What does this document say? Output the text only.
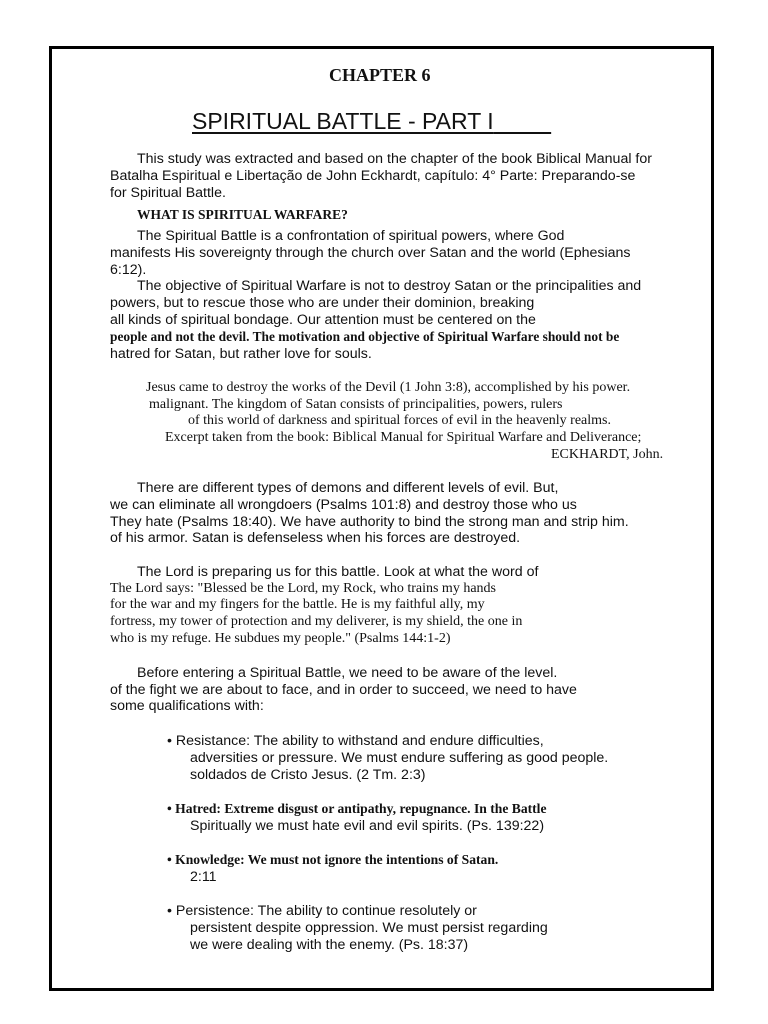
CHAPTER 6
SPIRITUAL BATTLE - PART I
This study was extracted and based on the chapter of the book Biblical Manual for
Batalha Espiritual e Libertação de John Eckhardt, capítulo: 4° Parte: Preparando-se
for Spiritual Battle.
WHAT IS SPIRITUAL WARFARE?
The Spiritual Battle is a confrontation of spiritual powers, where God
manifests His sovereignty through the church over Satan and the world (Ephesians
6:12).
The objective of Spiritual Warfare is not to destroy Satan or the principalities and
powers, but to rescue those who are under their dominion, breaking
all kinds of spiritual bondage. Our attention must be centered on the
people and not the devil. The motivation and objective of Spiritual Warfare should not be
hatred for Satan, but rather love for souls.
Jesus came to destroy the works of the Devil (1 John 3:8), accomplished by his power.
malignant. The kingdom of Satan consists of principalities, powers, rulers
of this world of darkness and spiritual forces of evil in the heavenly realms.
Excerpt taken from the book: Biblical Manual for Spiritual Warfare and Deliverance;
ECKHARDT, John.
There are different types of demons and different levels of evil. But,
we can eliminate all wrongdoers (Psalms 101:8) and destroy those who us
They hate (Psalms 18:40). We have authority to bind the strong man and strip him.
of his armor. Satan is defenseless when his forces are destroyed.
The Lord is preparing us for this battle. Look at what the word of
The Lord says: "Blessed be the Lord, my Rock, who trains my hands
for the war and my fingers for the battle. He is my faithful ally, my
fortress, my tower of protection and my deliverer, is my shield, the one in
who is my refuge. He subdues my people." (Psalms 144:1-2)
Before entering a Spiritual Battle, we need to be aware of the level.
of the fight we are about to face, and in order to succeed, we need to have
some qualifications with:
• Resistance: The ability to withstand and endure difficulties,
adversities or pressure. We must endure suffering as good people.
soldados de Cristo Jesus. (2 Tm. 2:3)
• Hatred: Extreme disgust or antipathy, repugnance. In the Battle
Spiritually we must hate evil and evil spirits. (Ps. 139:22)
• Knowledge: We must not ignore the intentions of Satan.
2:11
• Persistence: The ability to continue resolutely or
persistent despite oppression. We must persist regarding
we were dealing with the enemy. (Ps. 18:37)
